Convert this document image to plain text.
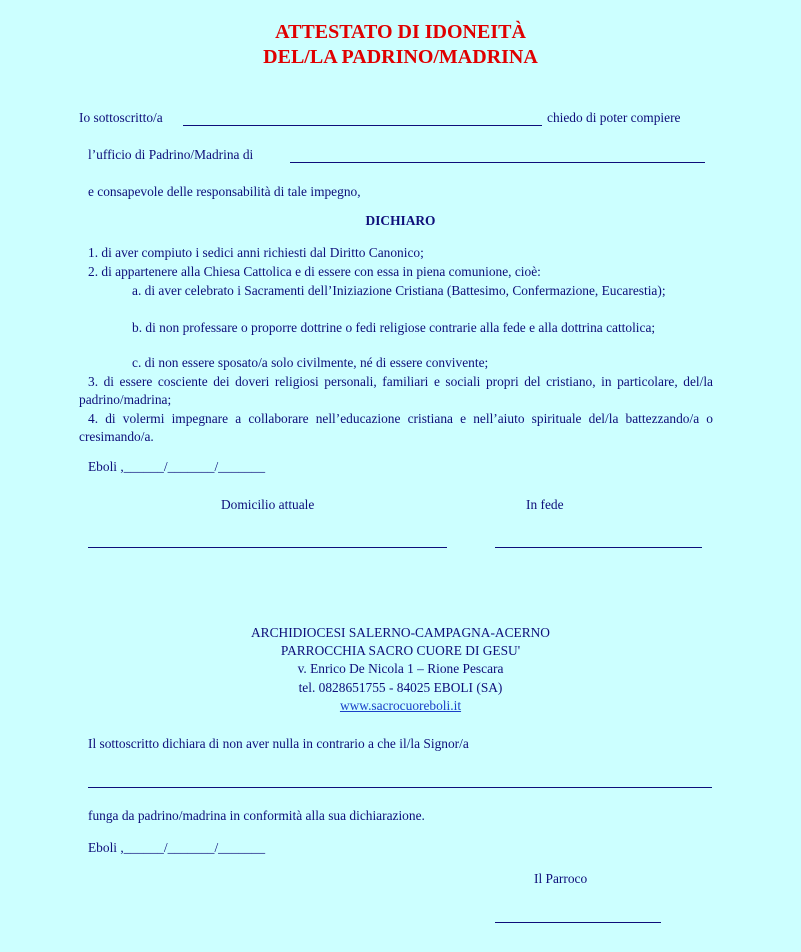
ATTESTATO DI IDONEITÀ
DEL/LA PADRINO/MADRINA
Io sottoscritto/a	chiedo di poter compiere
l’ufficio di Padrino/Madrina di
e consapevole delle responsabilità di tale impegno,
DICHIARO
1. di aver compiuto i sedici anni richiesti dal Diritto Canonico;
2. di appartenere alla Chiesa Cattolica e di essere con essa in piena comunione, cioè:
a. di aver celebrato i Sacramenti dell’Iniziazione Cristiana (Battesimo, Confermazione, Eucarestia);
b. di non professare o proporre dottrine o fedi religiose contrarie alla fede e alla dottrina cattolica;
c. di non essere sposato/a solo civilmente, né di essere convivente;
3. di essere cosciente dei doveri religiosi personali, familiari e sociali propri del cristiano, in particolare, del/la padrino/madrina;
4. di volermi impegnare a collaborare nell’educazione cristiana e nell’aiuto spirituale del/la battezzando/a o cresimando/a.
Eboli ,______/_______/_______
Domicilio attuale	In fede
ARCHIDIOCESI SALERNO-CAMPAGNA-ACERNO
PARROCCHIA SACRO CUORE DI GESU'
v. Enrico De Nicola 1 – Rione Pescara
tel. 0828651755 - 84025 EBOLI (SA)
www.sacrocuoreboli.it
Il sottoscritto dichiara di non aver nulla in contrario a che il/la Signor/a
funga da padrino/madrina in conformità alla sua dichiarazione.
Eboli ,______/_______/_______
Il Parroco
